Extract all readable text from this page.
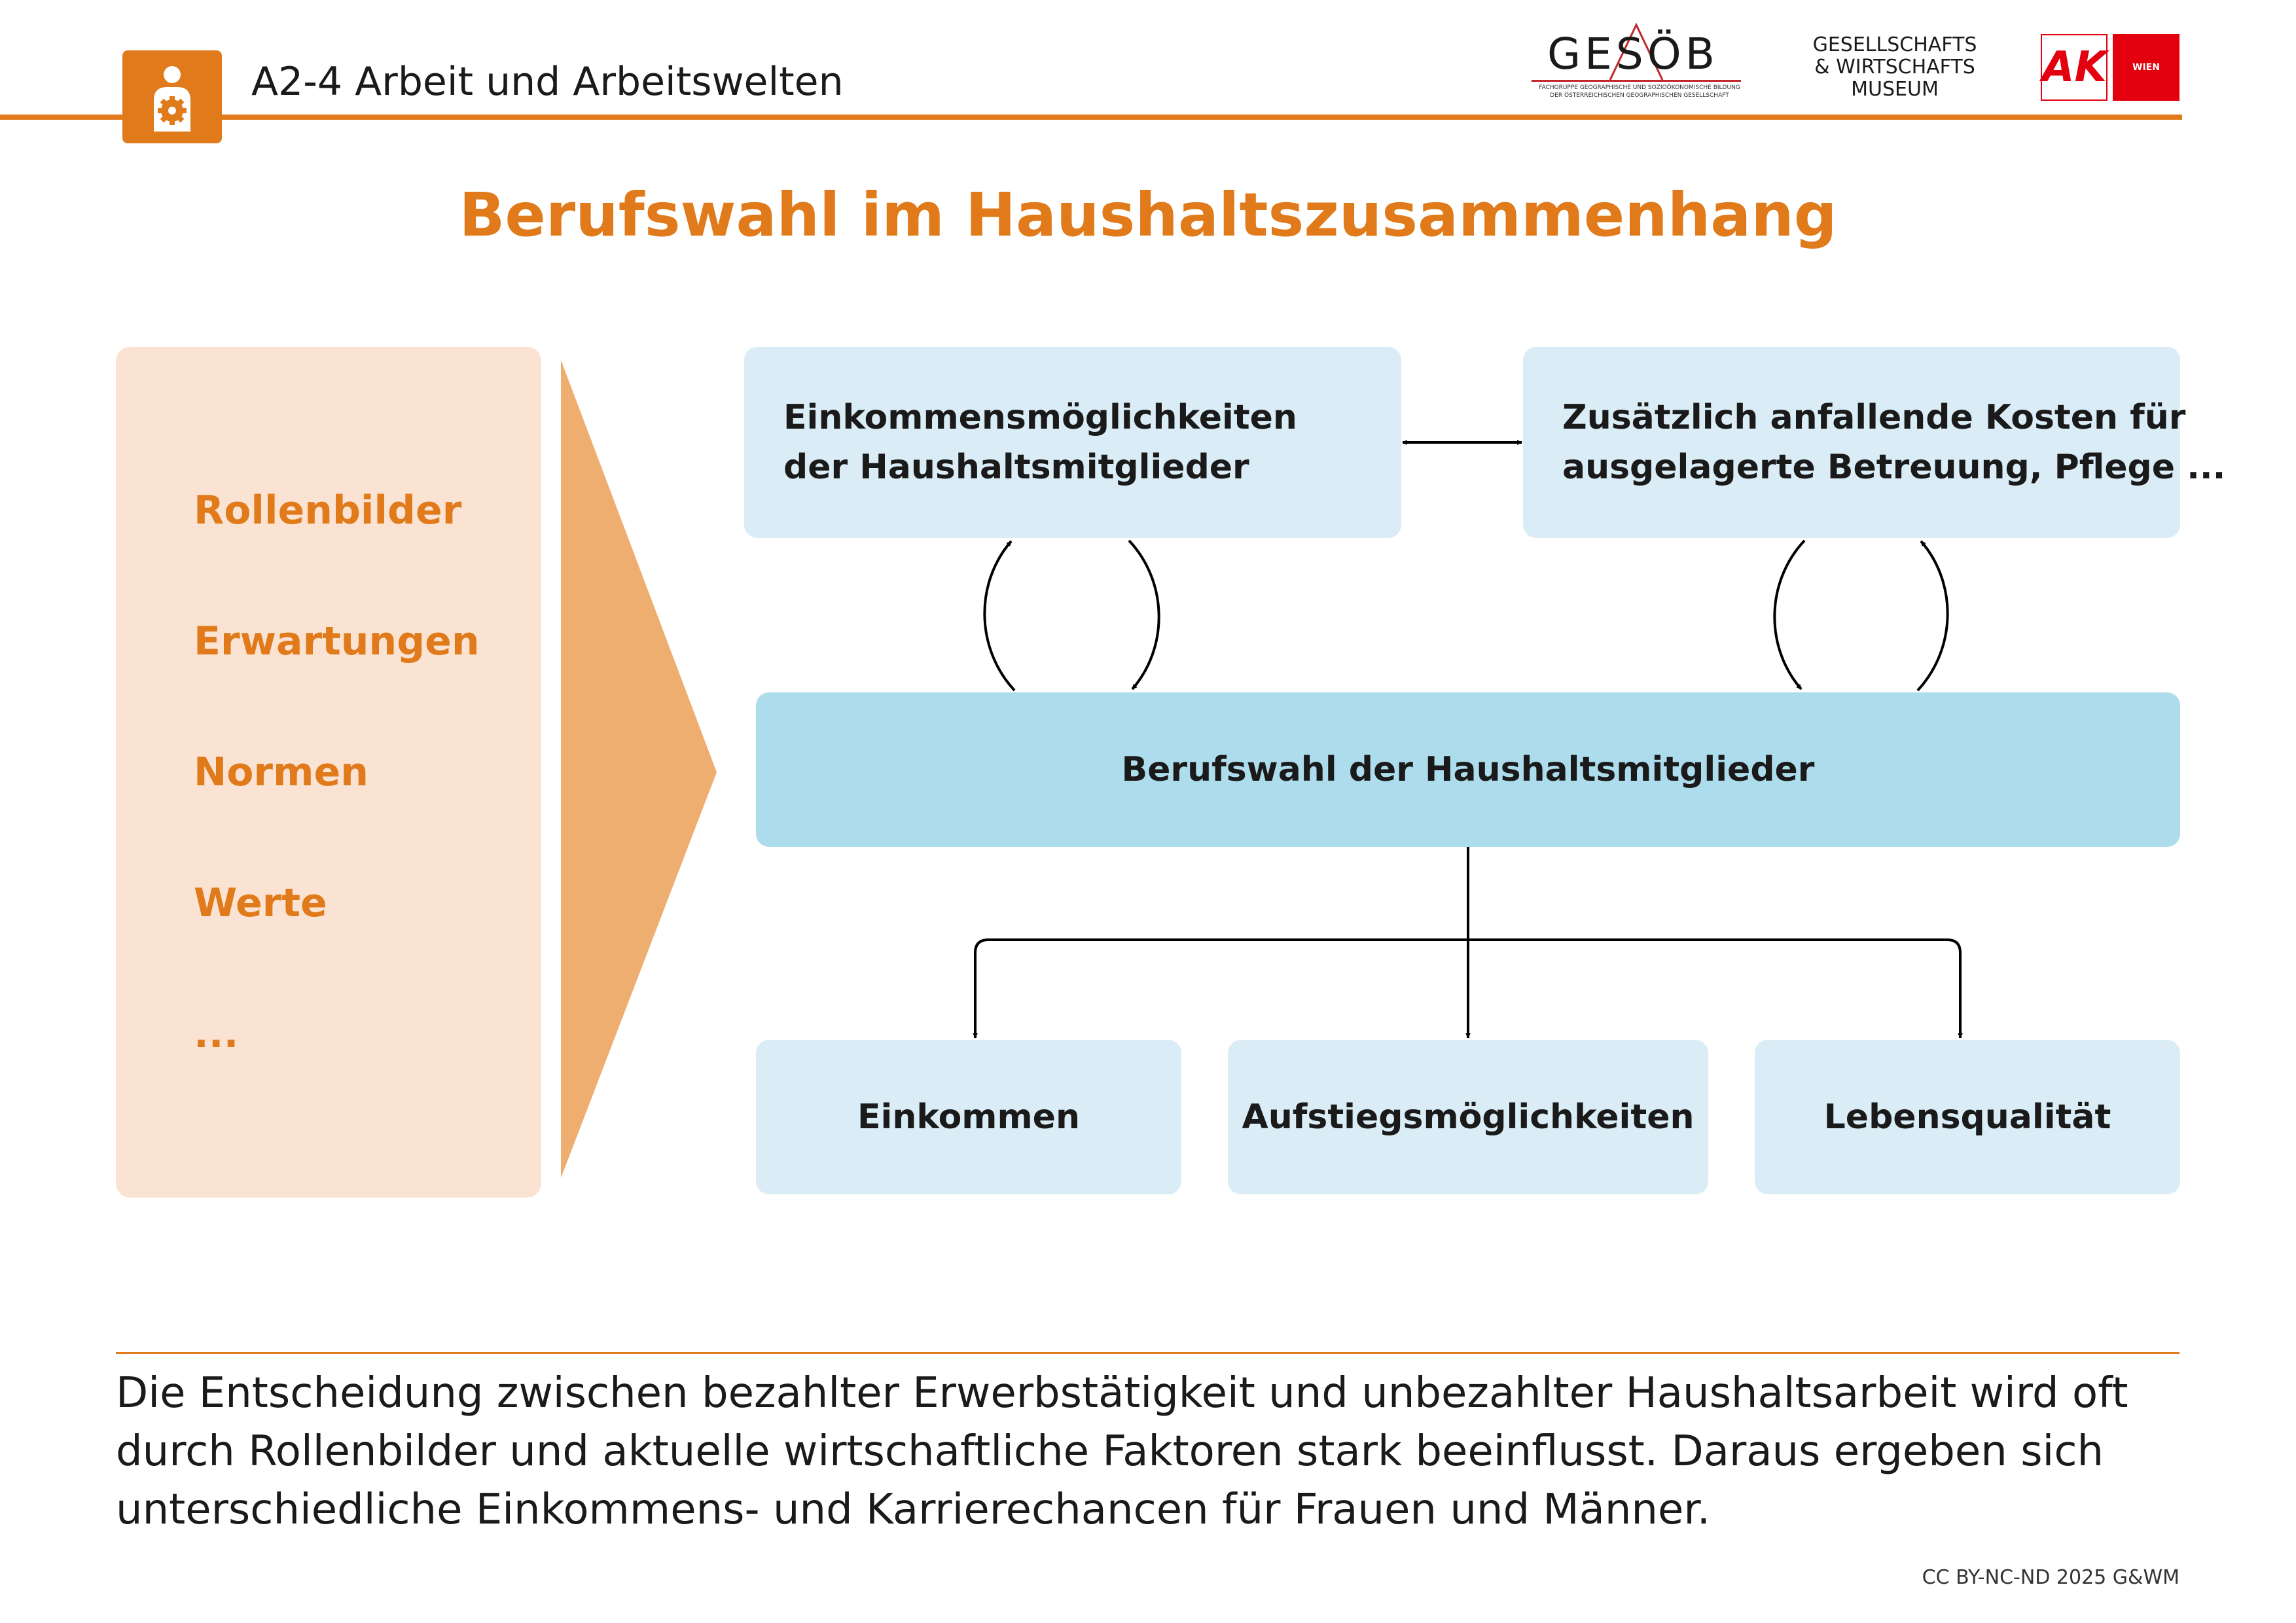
A2-4 Arbeit und Arbeitswelten
GESÖB
FACHGRUPPE GEOGRAPHISCHE UND SOZIOÖKONOMISCHE BILDUNG
DER ÖSTERREICHISCHEN GEOGRAPHISCHEN GESELLSCHAFT
GESELLSCHAFTS
& WIRTSCHAFTS
MUSEUM	AK	WIEN
Berufswahl im Haushaltszusammenhang
Rollenbilder
Erwartungen
Normen
Werte
...
Einkommensmöglichkeiten
der Haushaltsmitglieder
Zusätzlich anfallende Kosten für
ausgelagerte Betreuung, Pflege ...
Berufswahl der Haushaltsmitglieder
Einkommen	Aufstiegsmöglichkeiten	Lebensqualität
Die Entscheidung zwischen bezahlter Erwerbstätigkeit und unbezahlter Haushaltsarbeit wird oft
durch Rollenbilder und aktuelle wirtschaftliche Faktoren stark beeinflusst. Daraus ergeben sich
unterschiedliche Einkommens- und Karrierechancen für Frauen und Männer.
CC BY-NC-ND 2025 G&WM
